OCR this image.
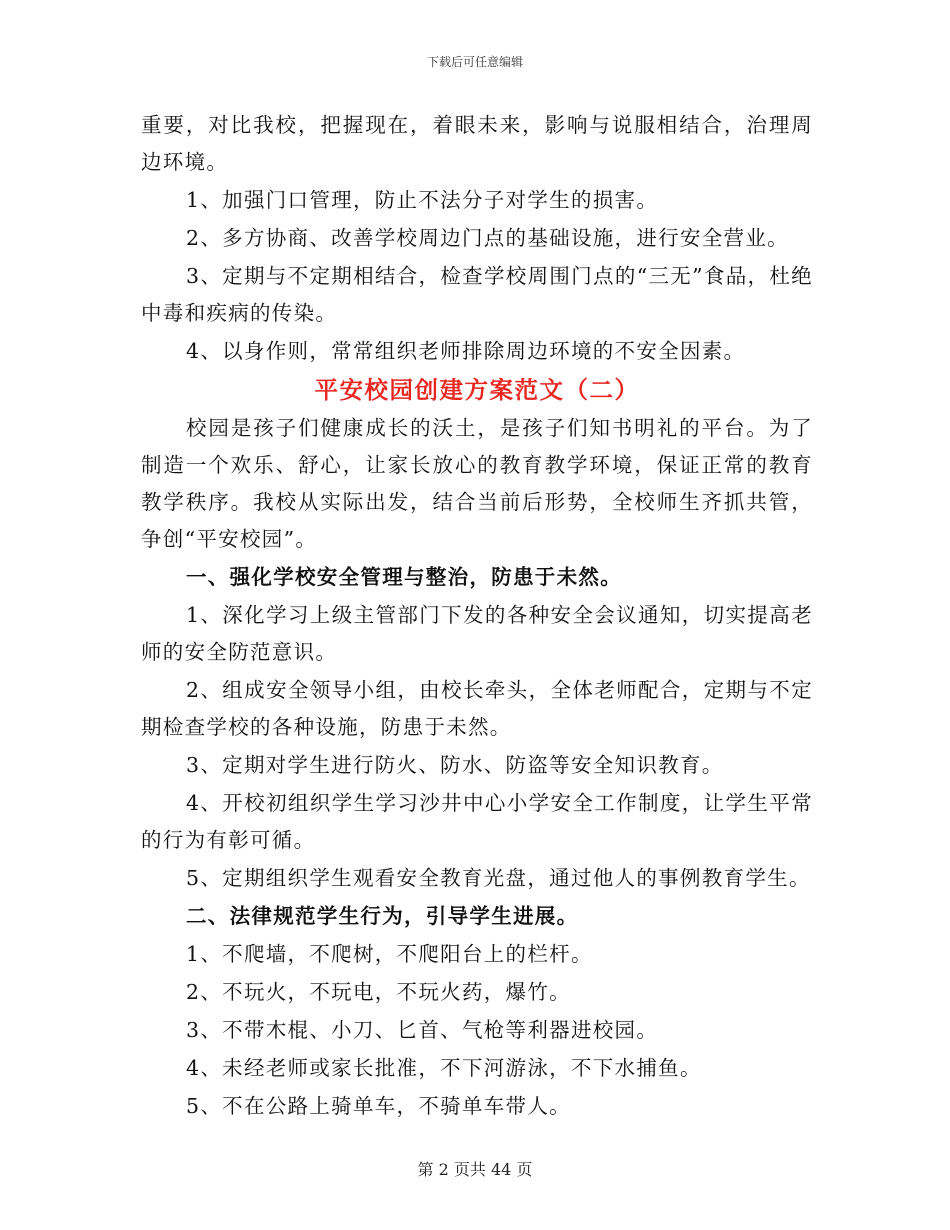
下载后可任意编辑

重要，对比我校，把握现在，着眼未来，影响与说服相结合，治理周边环境。

1、加强门口管理，防止不法分子对学生的损害。

2、多方协商、改善学校周边门点的基础设施，进行安全营业。

3、定期与不定期相结合，检查学校周围门点的“三无”食品，杜绝中毒和疾病的传染。

4、以身作则，常常组织老师排除周边环境的不安全因素。

平安校园创建方案范文（二）

校园是孩子们健康成长的沃土，是孩子们知书明礼的平台。为了制造一个欢乐、舒心，让家长放心的教育教学环境，保证正常的教育教学秩序。我校从实际出发，结合当前后形势，全校师生齐抓共管，争创“平安校园”。

一、强化学校安全管理与整治，防患于未然。

1、深化学习上级主管部门下发的各种安全会议通知，切实提高老师的安全防范意识。

2、组成安全领导小组，由校长牵头，全体老师配合，定期与不定期检查学校的各种设施，防患于未然。

3、定期对学生进行防火、防水、防盗等安全知识教育。

4、开校初组织学生学习沙井中心小学安全工作制度，让学生平常的行为有彰可循。

5、定期组织学生观看安全教育光盘，通过他人的事例教育学生。

二、法律规范学生行为，引导学生进展。

1、不爬墙，不爬树，不爬阳台上的栏杆。

2、不玩火，不玩电，不玩火药，爆竹。

3、不带木棍、小刀、匕首、气枪等利器进校园。

4、未经老师或家长批准，不下河游泳，不下水捕鱼。

5、不在公路上骑单车，不骑单车带人。

第 2 页共 44 页
